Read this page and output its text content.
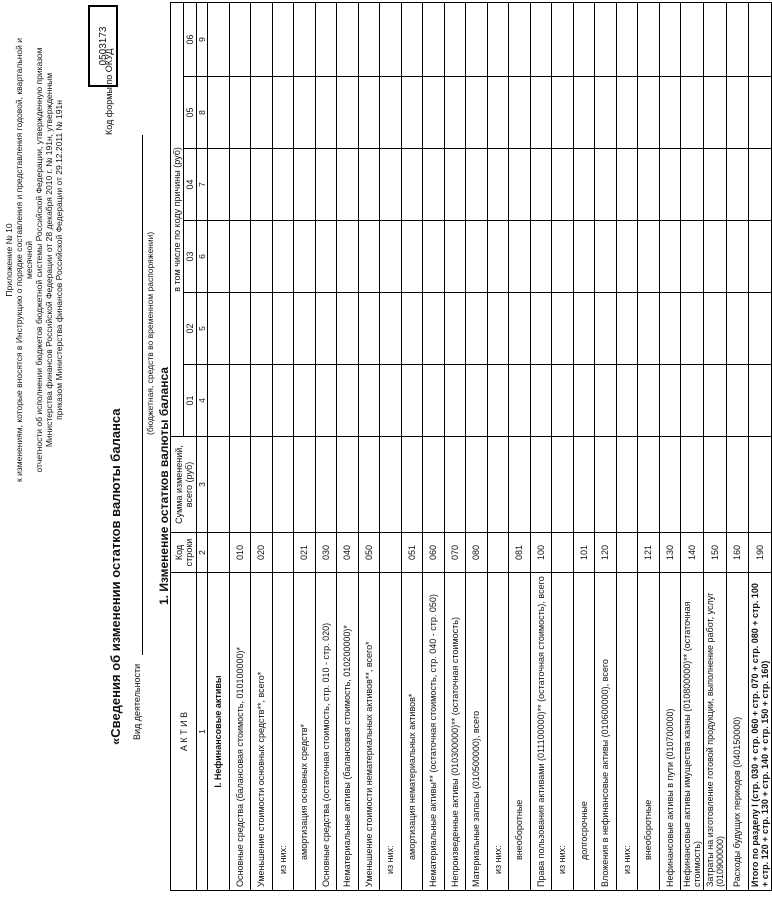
Приложение № 10 к изменениям, которые вносятся в Инструкцию о порядке составления и представления годовой, квартальной и месячной отчетности об исполнении бюджетов бюджетной системы Российской Федерации, утвержденную приказом Министерства финансов Российской Федерации от 28 декабря 2010 г. № 191н, утвержденным приказом Министерства финансов Российской Федерации от 29.12.2011 № 191н
Код формы по ОКУД
0503173
«Сведения об изменении остатков валюты баланса Вид деятельности
(бюджетная, средств во временном распоряжении)
1. Изменение остатков валюты баланса
А К Т И В	Код строки	Сумма изменений, всего (руб)	в том числе по коду причины (руб)					
			01	02	03	04	05	06
1	2	3	4	5	6	7	8	9
I. Нефинансовые активы								
Основные средства (балансовая стоимость, 010100000)*	010							
Уменьшение стоимости основных средств**, всего*	020							
из них:								
амортизация основных средств*	021							
Основные средства (остаточная стоимость, стр. 010 - стр. 020)	030							
Нематериальные активы (балансовая стоимость, 010200000)*	040							
Уменьшение стоимости нематериальных активов**, всего*	050							
из них:								
амортизация нематериальных активов*	051							
Нематериальные активы** (остаточная стоимость, стр. 040 - стр. 050)	060							
Непроизведенные активы (010300000)** (остаточная стоимость)	070							
Материальные запасы (010500000), всего	080							
из них:								
внеоборотные	081							
Права пользования активами (011100000)** (остаточная стоимость), всего	100							
из них:								
долгосрочные	101							
Вложения в нефинансовые активы (010600000), всего	120							
из них:								
внеоборотные	121							
Нефинансовые активы в пути (010700000)	130							
Нефинансовые активы имущества казны (010800000)** (остаточная стоимость)	140							
Затраты на изготовление готовой продукции, выполнение работ, услуг (010900000)	150							
Расходы будущих периодов (040150000)	160							
Итого по разделу I (стр. 030 + стр. 060 + стр. 070 + стр. 080 + стр. 100 + стр. 120 + стр. 130 + стр. 140 + стр. 150 + стр. 160)	190							
